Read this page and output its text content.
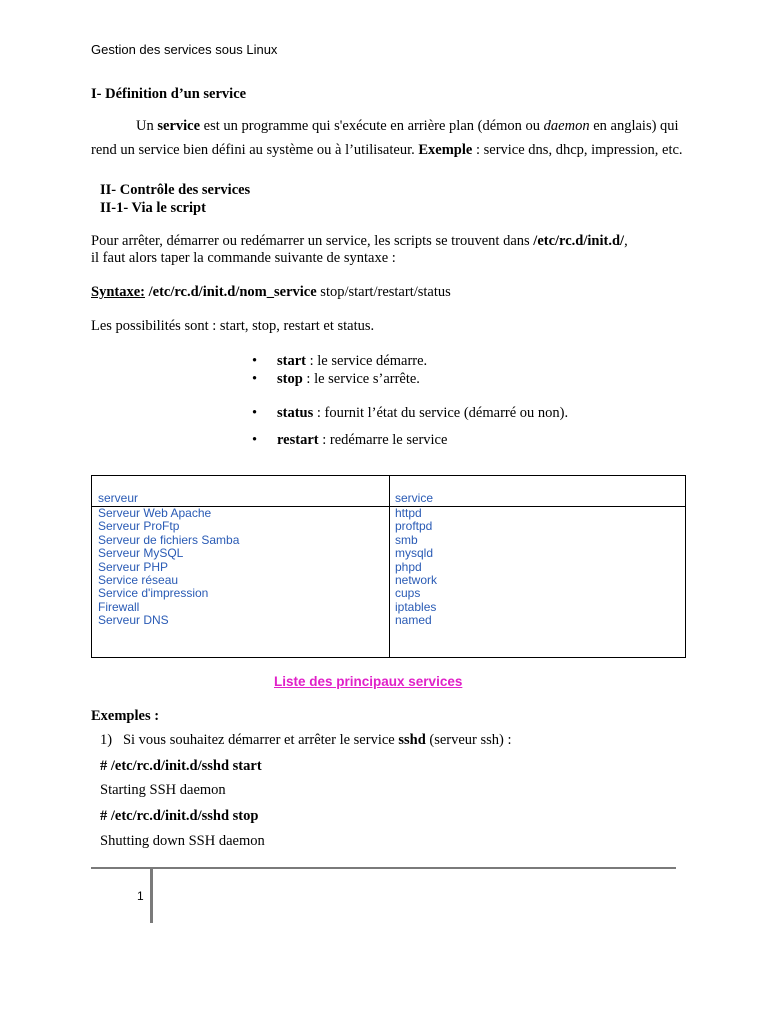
Gestion des services sous Linux
I- Définition d’un service
Un service est un programme qui s'exécute en arrière plan (démon ou daemon en anglais) qui
rend un service bien défini au système ou à l’utilisateur. Exemple : service dns, dhcp, impression, etc.
II- Contrôle des services
II-1- Via le script
Pour arrêter, démarrer ou redémarrer un service, les scripts se trouvent dans /etc/rc.d/init.d/,
il faut alors taper la commande suivante de syntaxe :
Syntaxe: /etc/rc.d/init.d/nom_service stop/start/restart/status
Les possibilités sont : start, stop, restart et status.
• start : le service démarre.
• stop : le service s’arrête.
• status : fournit l’état du service (démarré ou non).
• restart : redémarre le service
serveur	service
Serveur Web Apache
Serveur ProFtp
Serveur de fichiers Samba
Serveur MySQL
Serveur PHP
Service réseau
Service d'impression
Firewall
Serveur DNS
httpd
proftpd
smb
mysqld
phpd
network
cups
iptables
named
Liste des principaux services
Exemples :
1) Si vous souhaitez démarrer et arrêter le service sshd (serveur ssh) :
# /etc/rc.d/init.d/sshd start
Starting SSH daemon
# /etc/rc.d/init.d/sshd stop
Shutting down SSH daemon
1
